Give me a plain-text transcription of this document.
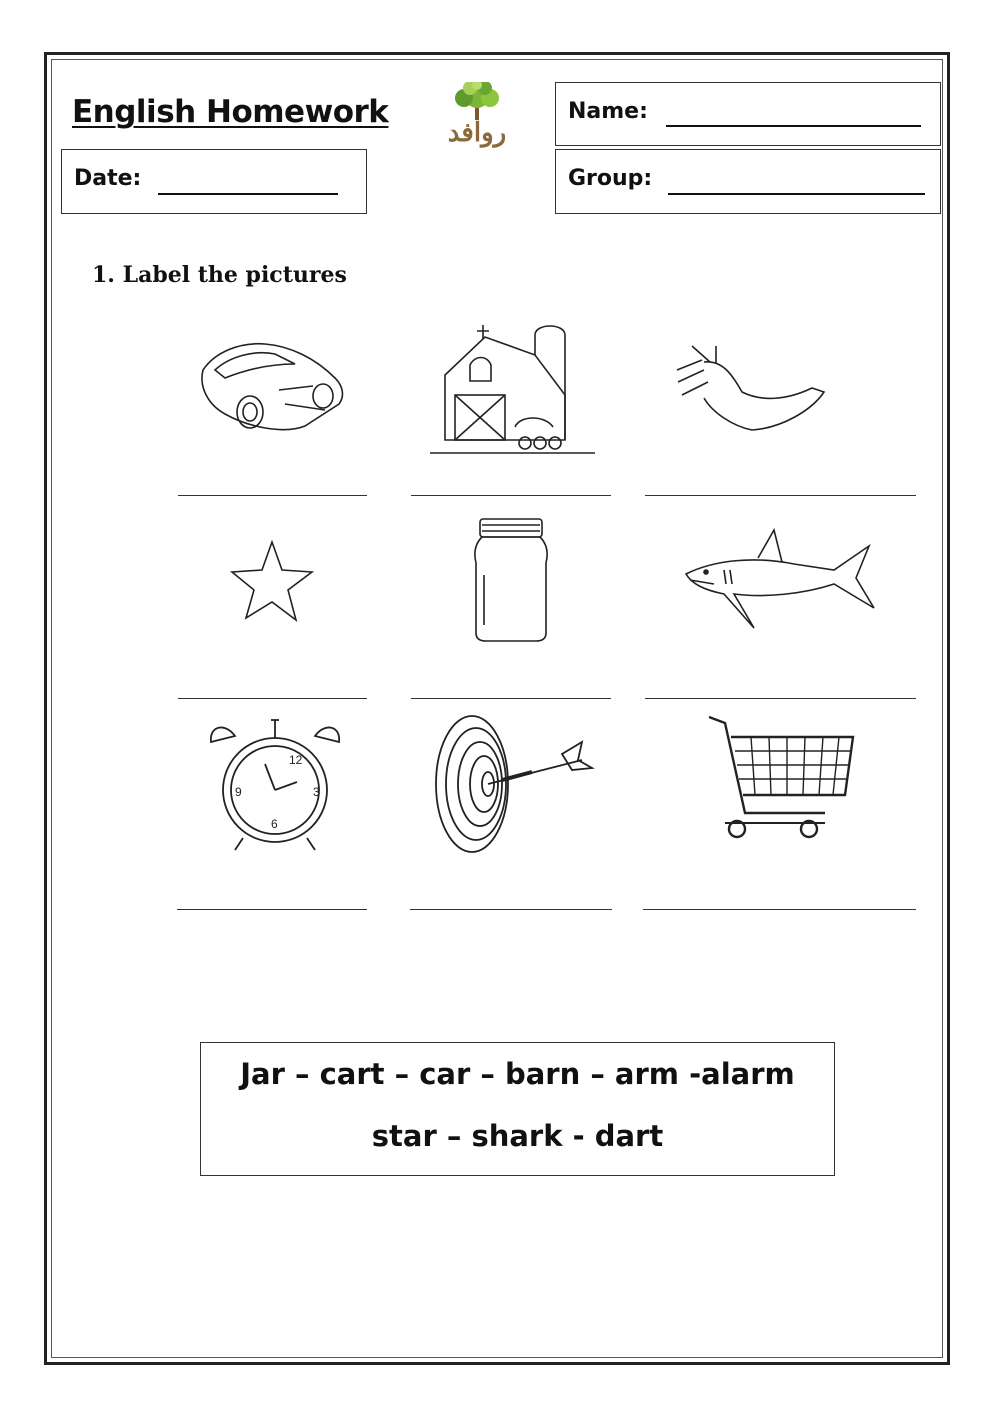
English Homework
روافد
Name:
Date:	Group:
1. Label the pictures
12
3
6
9
Jar – cart – car – barn – arm -alarm
star – shark - dart
